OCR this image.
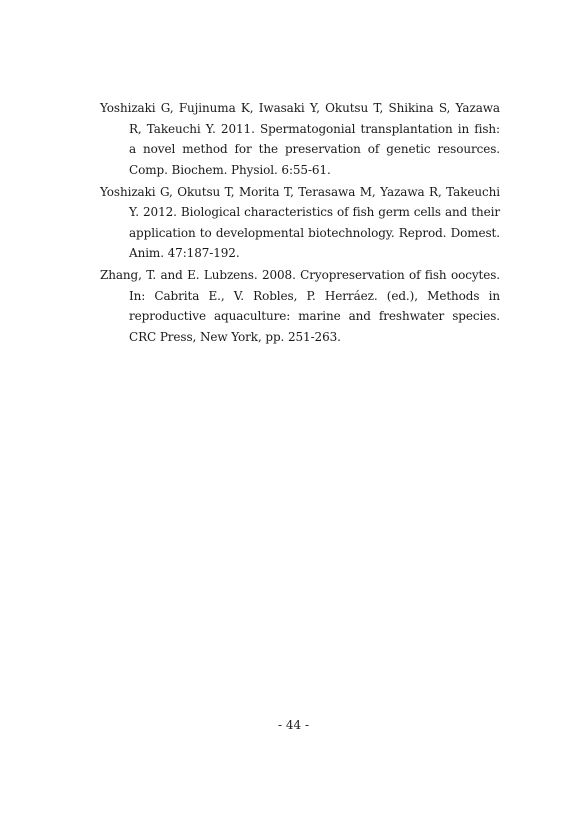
Yoshizaki G, Fujinuma K, Iwasaki Y, Okutsu T, Shikina S, Yazawa R, Takeuchi Y. 2011. Spermatogonial transplantation in fish: a novel method for the preservation of genetic resources. Comp. Biochem. Physiol. 6:55-61.

Yoshizaki G, Okutsu T, Morita T, Terasawa M, Yazawa R, Takeuchi Y. 2012. Biological characteristics of fish germ cells and their application to developmental biotechnology. Reprod. Domest. Anim. 47:187-192.

Zhang, T. and E. Lubzens. 2008. Cryopreservation of fish oocytes. In: Cabrita E., V. Robles, P. Herráez. (ed.), Methods in reproductive aquaculture: marine and freshwater species. CRC Press, New York, pp. 251-263.

- 44 -
